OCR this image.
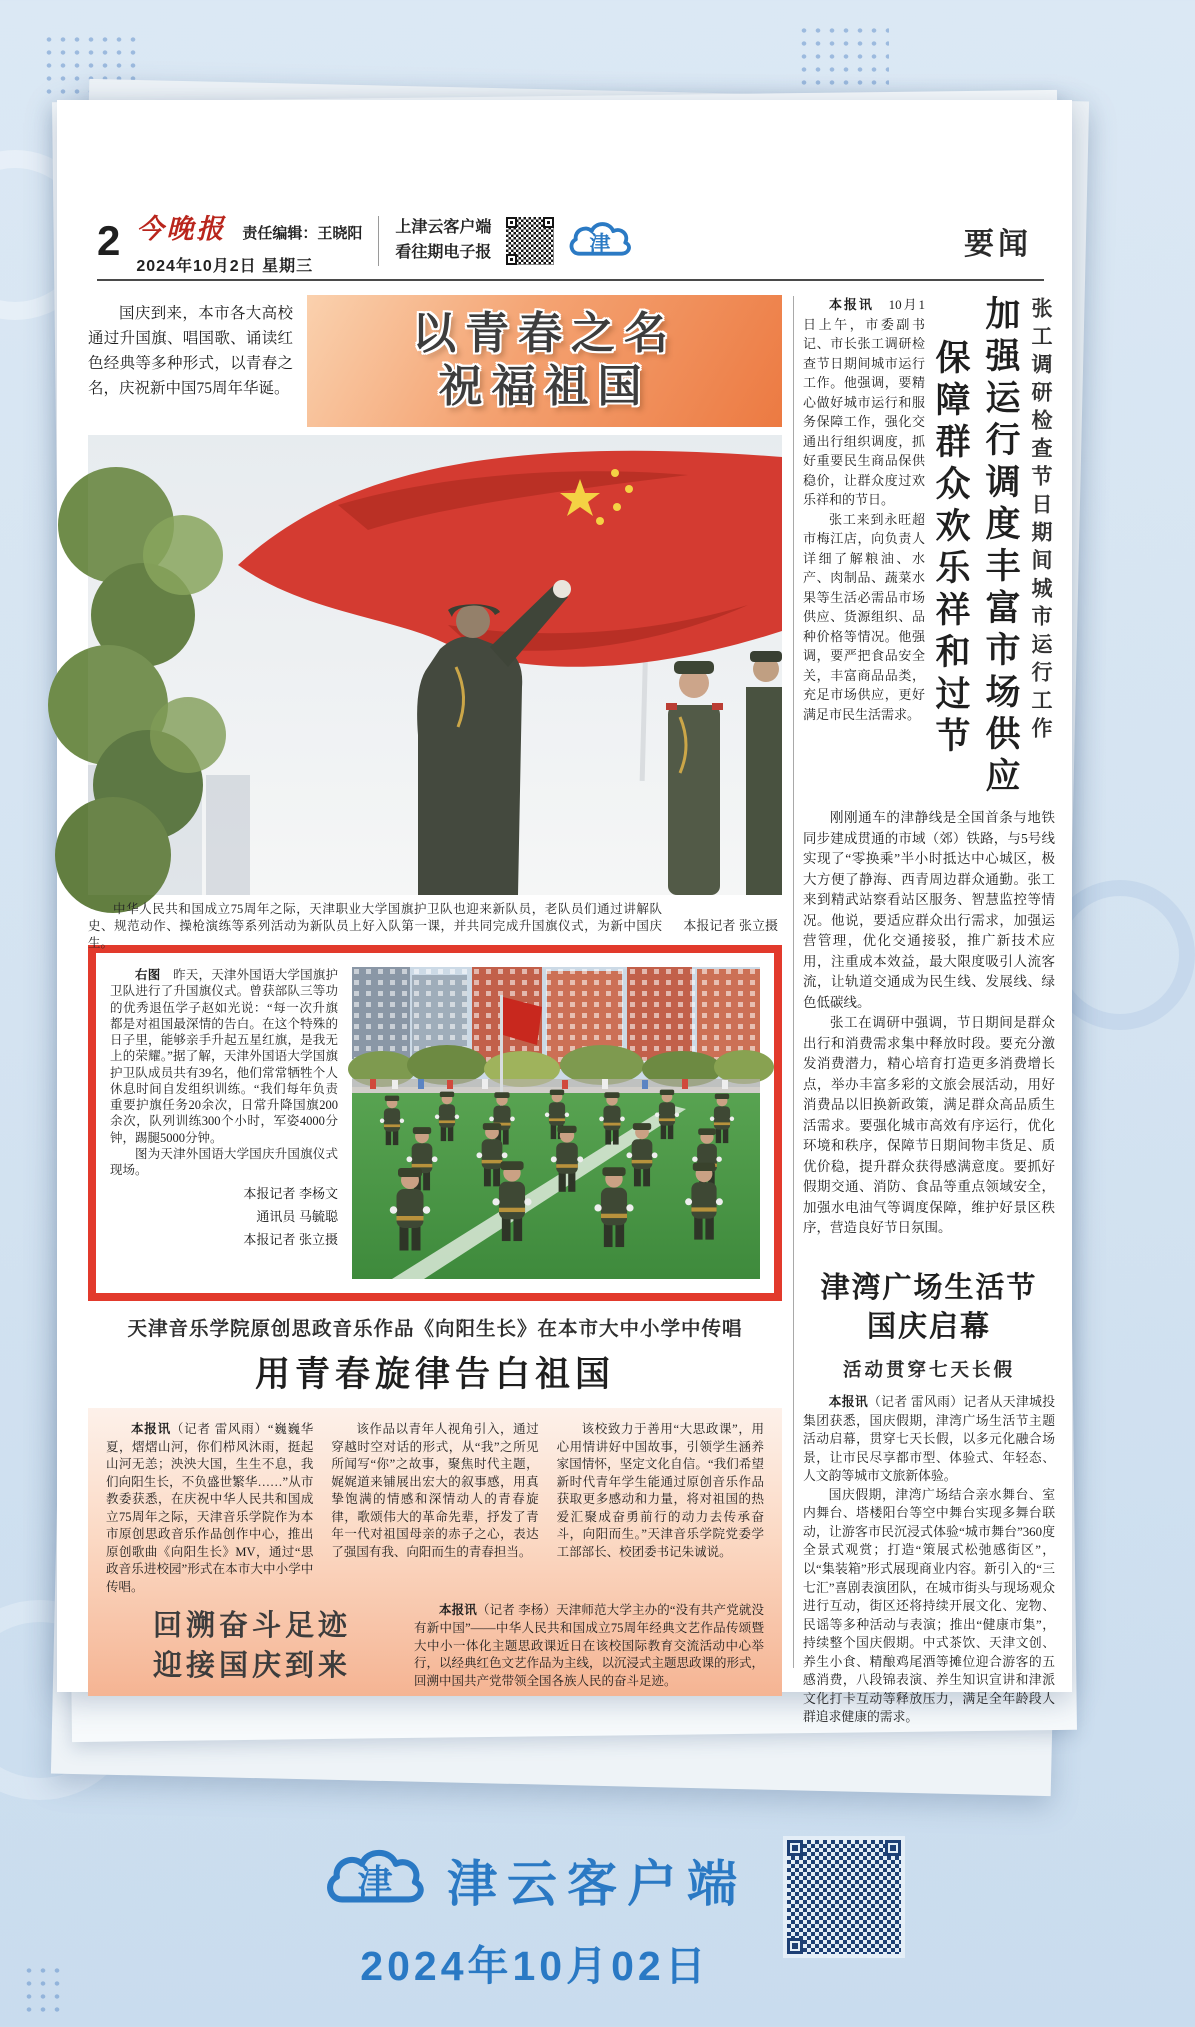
2 今晚报 责任编辑：王晓阳
2024年10月2日 星期三
上津云客户端
看往期电子报	津	要闻
国庆到来，本市各大高校通过升国旗、唱国歌、诵读红色经典等多种形式，以青春之名，庆祝新中国75周年华诞。
以青春之名
祝福祖国
中华人民共和国成立75周年之际，天津职业大学国旗护卫队也迎来新队员，老队员们通过讲解队史、规范动作、操枪演练等系列活动为新队员上好入队第一课，并共同完成升国旗仪式，为新中国庆生。
本报记者 张立摄

右图　昨天，天津外国语大学国旗护卫队进行了升国旗仪式。曾获部队三等功的优秀退伍学子赵如光说：“每一次升旗都是对祖国最深情的告白。在这个特殊的日子里，能够亲手升起五星红旗，是我无上的荣耀。”据了解，天津外国语大学国旗护卫队成员共有39名，他们常常牺牲个人休息时间自发组织训练。“我们每年负责重要护旗任务20余次，日常升降国旗200余次，队列训练300个小时，军姿4000分钟，踢腿5000分钟。

图为天津外国语大学国庆升国旗仪式现场。

本报记者 李杨文
通讯员 马毓聪
本报记者 张立摄
天津音乐学院原创思政音乐作品《向阳生长》在本市大中小学中传唱
用青春旋律告白祖国

本报讯（记者 雷风雨）“巍巍华夏，熠熠山河，你们栉风沐雨，挺起山河无恙；泱泱大国，生生不息，我们向阳生长，不负盛世繁华……”从市教委获悉，在庆祝中华人民共和国成立75周年之际，天津音乐学院作为本市原创思政音乐作品创作中心，推出原创歌曲《向阳生长》MV，通过“思政音乐进校园”形式在本市大中小学中传唱。

该作品以青年人视角引入，通过穿越时空对话的形式，从“我”之所见所闻写“你”之故事，聚焦时代主题，娓娓道来铺展出宏大的叙事感，用真挚饱满的情感和深情动人的青春旋律，歌颂伟大的革命先辈，抒发了青年一代对祖国母亲的赤子之心，表达了强国有我、向阳而生的青春担当。

该校致力于善用“大思政课”，用心用情讲好中国故事，引领学生涵养家国情怀，坚定文化自信。“我们希望新时代青年学生能通过原创音乐作品获取更多感动和力量，将对祖国的热爱汇聚成奋勇前行的动力去传承奋斗，向阳而生。”天津音乐学院党委学工部部长、校团委书记朱诚说。

回溯奋斗足迹
迎接国庆到来

本报讯（记者 李杨）天津师范大学主办的“没有共产党就没有新中国”——中华人民共和国成立75周年经典文艺作品传颂暨大中小一体化主题思政课近日在该校国际教育交流活动中心举行，以经典红色文艺作品为主线，以沉浸式主题思政课的形式，回溯中国共产党带领全国各族人民的奋斗足迹。

本报讯　10月1日上午，市委副书记、市长张工调研检查节日期间城市运行工作。他强调，要精心做好城市运行和服务保障工作，强化交通出行组织调度，抓好重要民生商品保供稳价，让群众度过欢乐祥和的节日。

张工来到永旺超市梅江店，向负责人详细了解粮油、水产、肉制品、蔬菜水果等生活必需品市场供应、货源组织、品种价格等情况。他强调，要严把食品安全关，丰富商品品类，充足市场供应，更好满足市民生活需求。 保障群众欢乐祥和过节 加强运行调度丰富市场供应 张工调研检查节日期间城市运行工作

刚刚通车的津静线是全国首条与地铁同步建成贯通的市域（郊）铁路，与5号线实现了“零换乘”半小时抵达中心城区，极大方便了静海、西青周边群众通勤。张工来到精武站察看站区服务、智慧监控等情况。他说，要适应群众出行需求，加强运营管理，优化交通接驳，推广新技术应用，注重成本效益，最大限度吸引人流客流，让轨道交通成为民生线、发展线、绿色低碳线。

张工在调研中强调，节日期间是群众出行和消费需求集中释放时段。要充分激发消费潜力，精心培育打造更多消费增长点，举办丰富多彩的文旅会展活动，用好消费品以旧换新政策，满足群众高品质生活需求。要强化城市高效有序运行，优化环境和秩序，保障节日期间物丰货足、质优价稳，提升群众获得感满意度。要抓好假期交通、消防、食品等重点领域安全，加强水电油气等调度保障，维护好景区秩序，营造良好节日氛围。

津湾广场生活节
国庆启幕
活动贯穿七天长假

本报讯（记者 雷风雨）记者从天津城投集团获悉，国庆假期，津湾广场生活节主题活动启幕，贯穿七天长假，以多元化融合场景，让市民尽享都市型、体验式、年轻态、人文韵等城市文旅新体验。

国庆假期，津湾广场结合亲水舞台、室内舞台、塔楼阳台等空中舞台实现多舞台联动，让游客市民沉浸式体验“城市舞台”360度全景式观赏；打造“策展式松弛感街区”，以“集装箱”形式展现商业内容。新引入的“三七汇”喜剧表演团队，在城市街头与现场观众进行互动，街区还将持续开展文化、宠物、民谣等多种活动与表演；推出“健康市集”，持续整个国庆假期。中式茶饮、天津文创、养生小食、精酿鸡尾酒等摊位迎合游客的五感消费，八段锦表演、养生知识宣讲和津派文化打卡互动等释放压力，满足全年龄段人群追求健康的需求。

津 津云客户端
2024年10月02日
